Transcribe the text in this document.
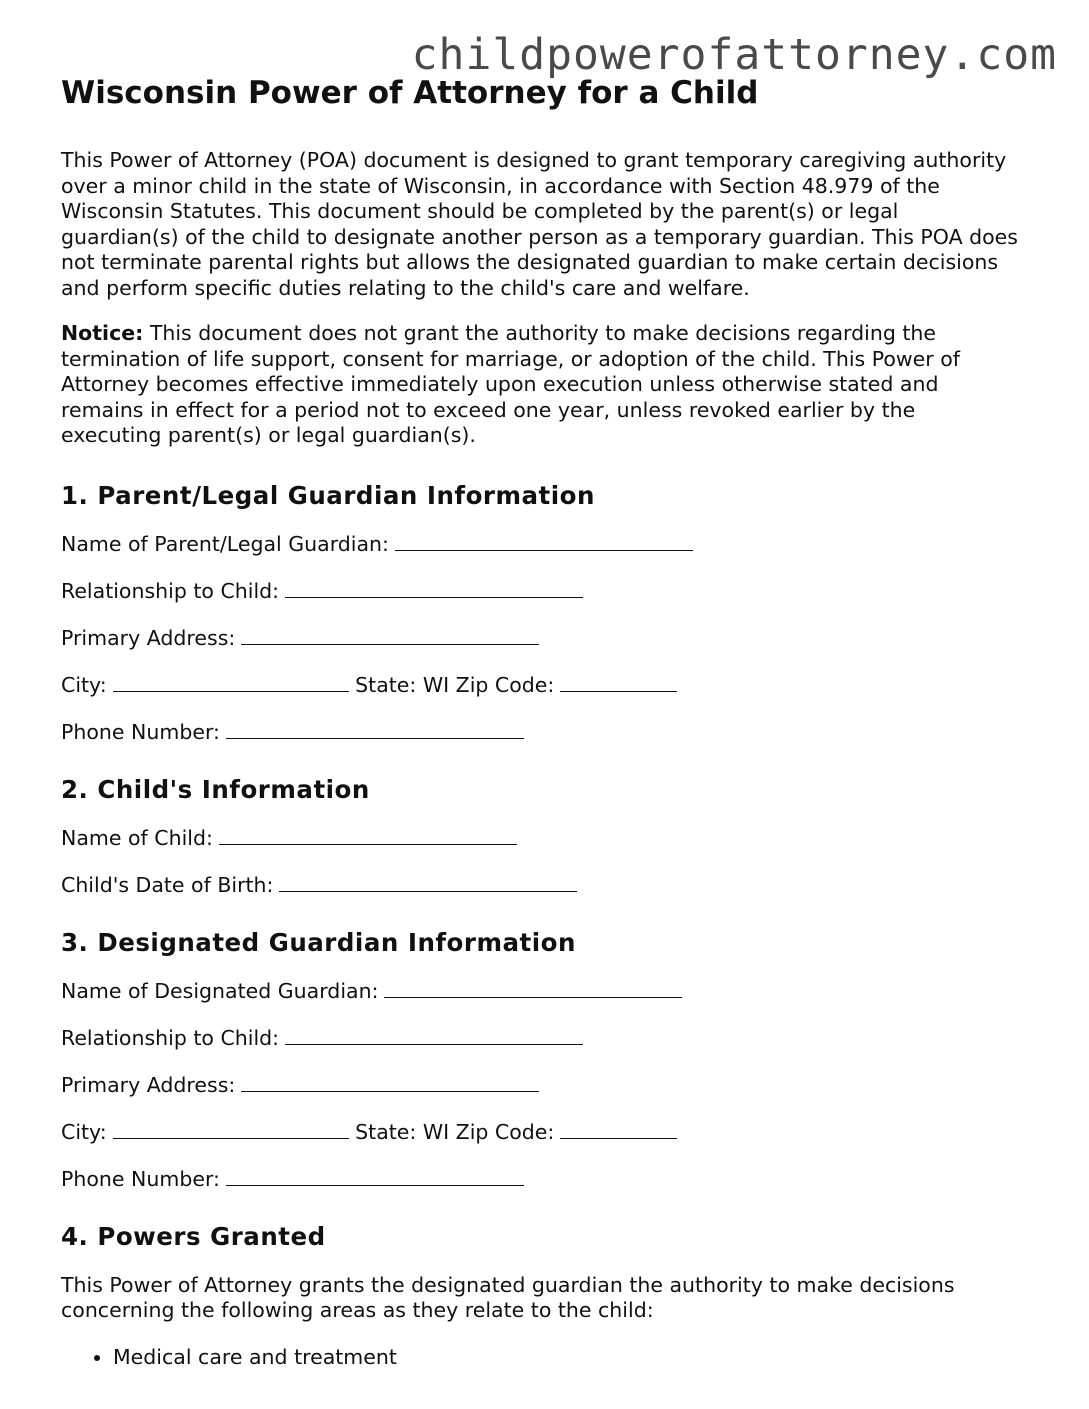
childpowerofattorney.com
Wisconsin Power of Attorney for a Child

This Power of Attorney (POA) document is designed to grant temporary caregiving authority over a minor child in the state of Wisconsin, in accordance with Section 48.979 of the Wisconsin Statutes. This document should be completed by the parent(s) or legal guardian(s) of the child to designate another person as a temporary guardian. This POA does not terminate parental rights but allows the designated guardian to make certain decisions and perform specific duties relating to the child's care and welfare.

Notice: This document does not grant the authority to make decisions regarding the termination of life support, consent for marriage, or adoption of the child. This Power of Attorney becomes effective immediately upon execution unless otherwise stated and remains in effect for a period not to exceed one year, unless revoked earlier by the executing parent(s) or legal guardian(s).

1. Parent/Legal Guardian Information
Name of Parent/Legal Guardian:
Relationship to Child:
Primary Address:
City:	State: WI Zip Code:
Phone Number:
2. Child's Information
Name of Child:
Child's Date of Birth:
3. Designated Guardian Information
Name of Designated Guardian:
Relationship to Child:
Primary Address:
City:	State: WI Zip Code:
Phone Number:
4. Powers Granted

This Power of Attorney grants the designated guardian the authority to make decisions concerning the following areas as they relate to the child:

• Medical care and treatment
